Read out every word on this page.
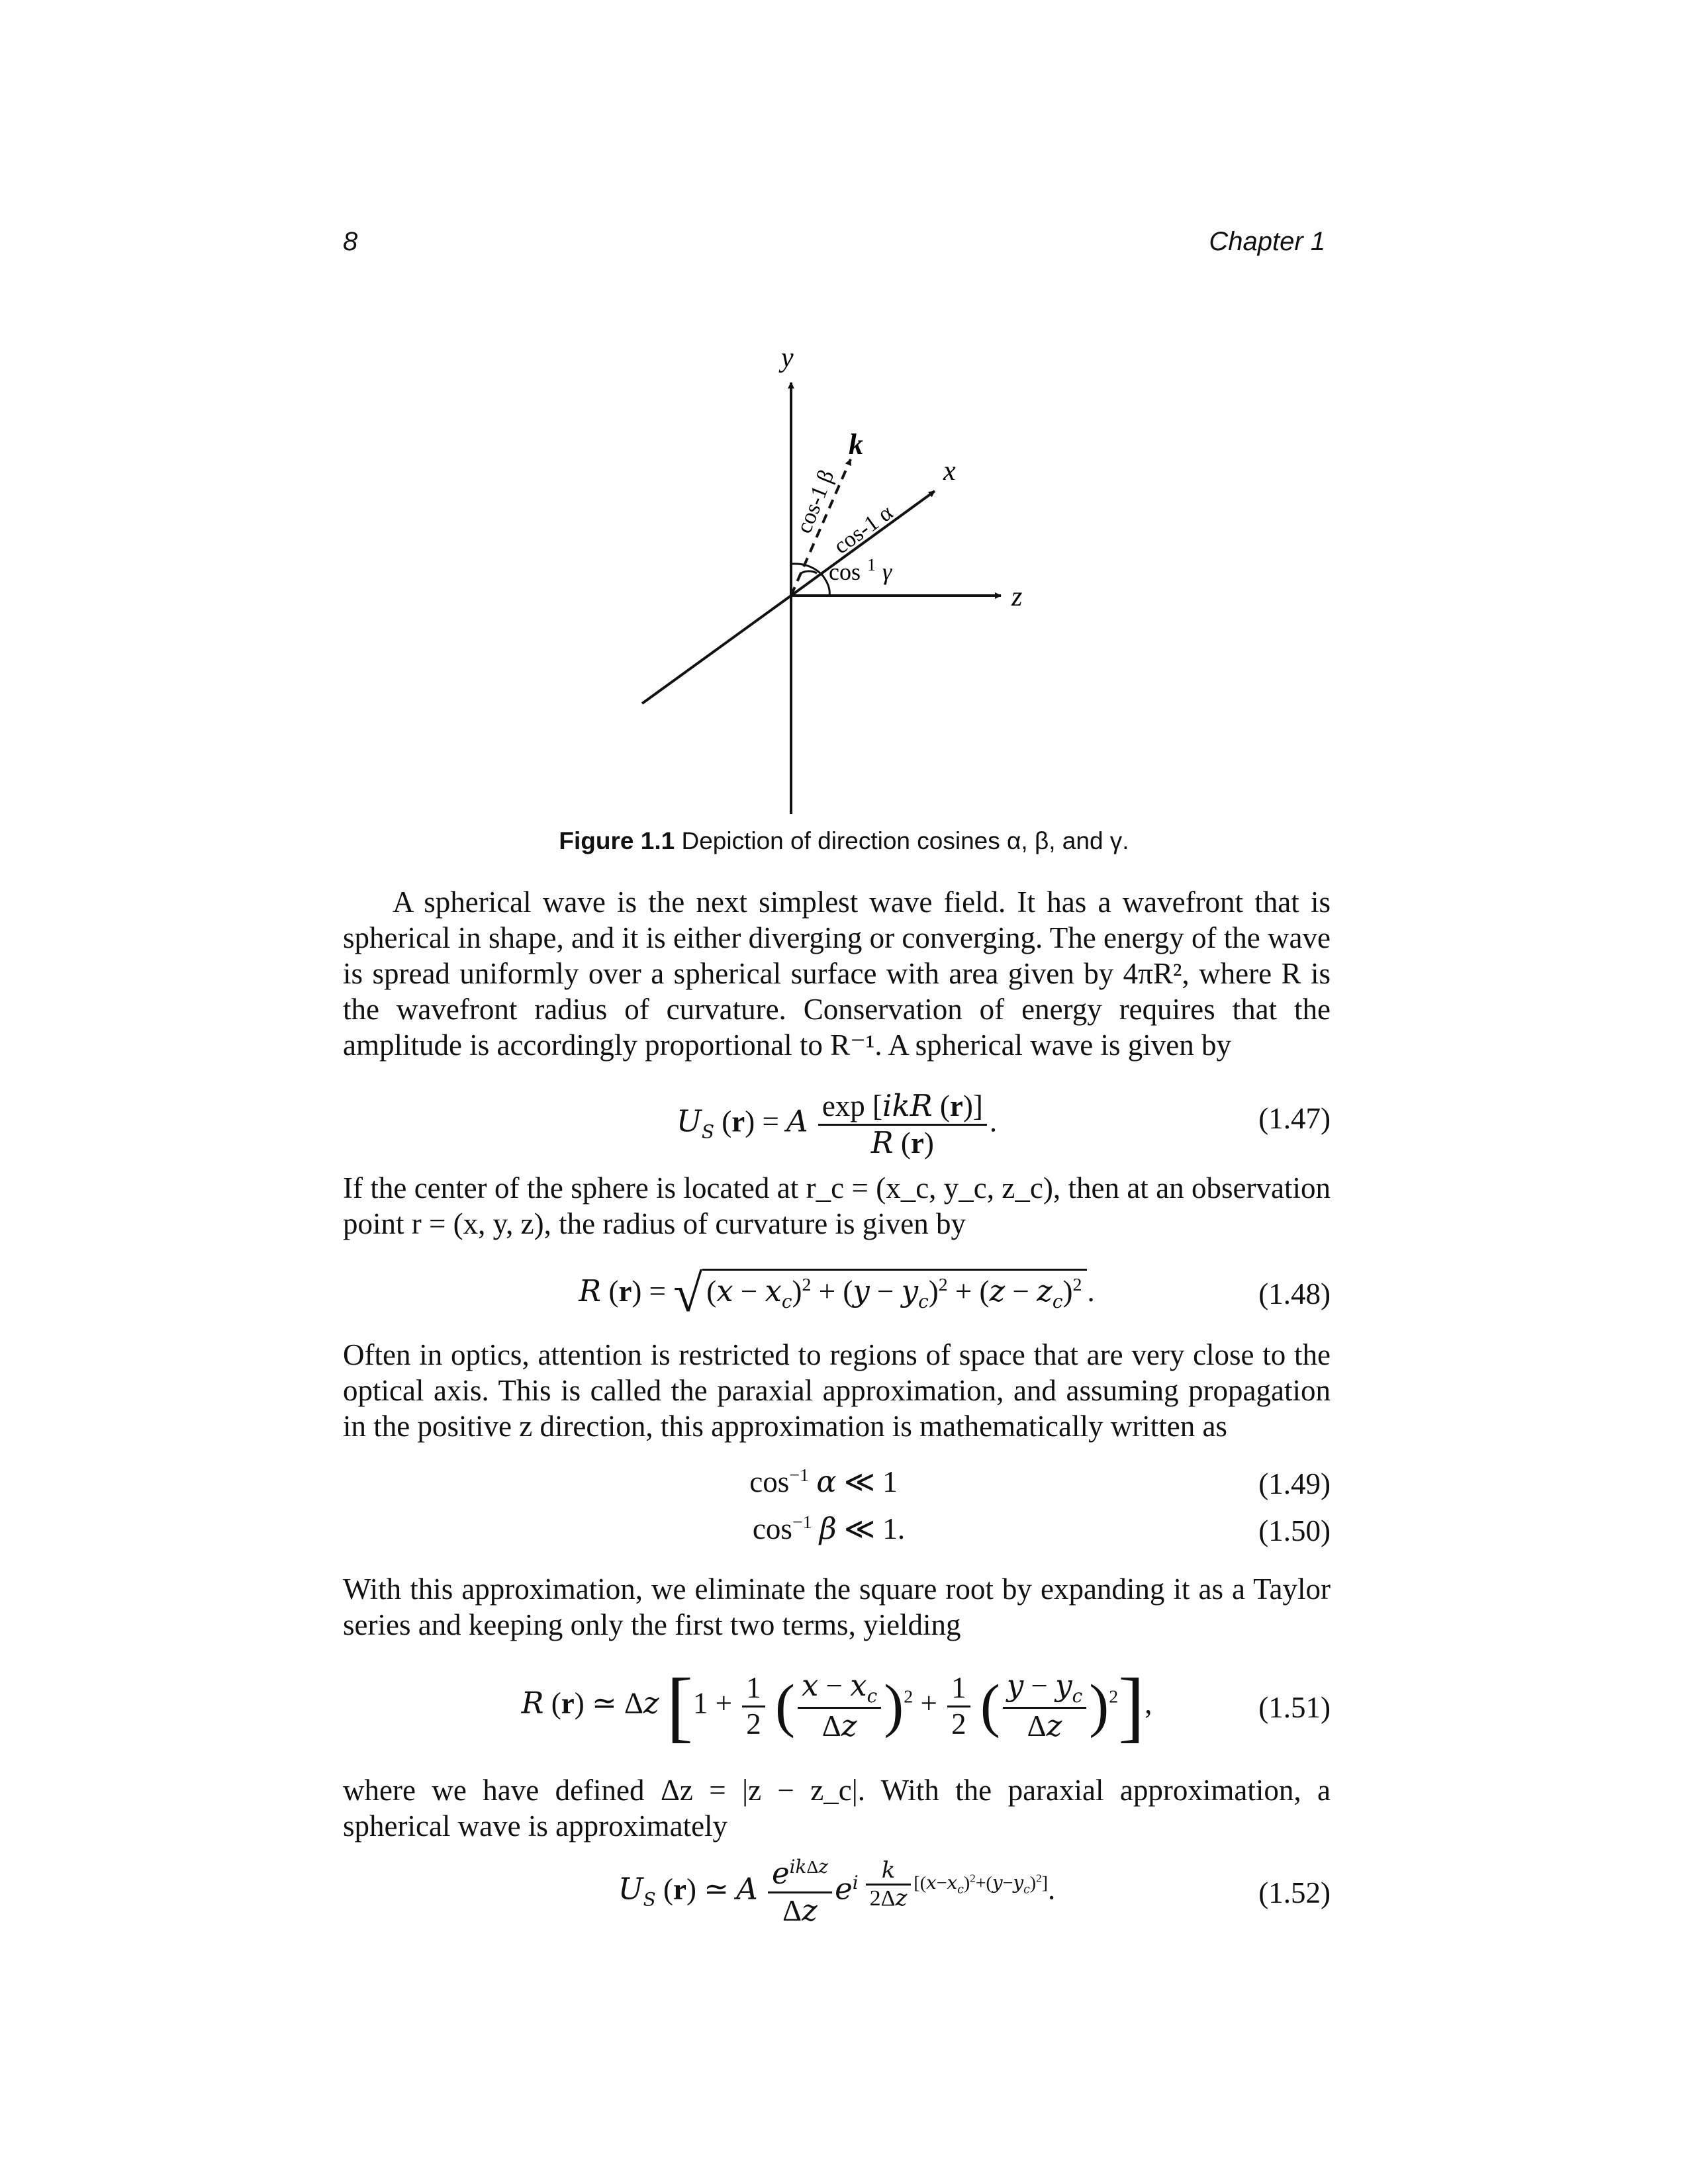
8	Chapter 1
y
x
z
k
cos-1 β
cos-1 α
cos $^1$ γ
Figure 1.1 Depiction of direction cosines α, β, and γ.

A spherical wave is the next simplest wave field. It has a wavefront that is spherical in shape, and it is either diverging or converging. The energy of the wave is spread uniformly over a spherical surface with area given by 4πR², where R is the wavefront radius of curvature. Conservation of energy requires that the amplitude is accordingly proportional to R⁻¹. A spherical wave is given by

$U_S$ (r) = A $\frac{\text{exp [ikR (r)]}}{R (r)}$ .	(1.47)

If the center of the sphere is located at r_c = (x_c, y_c, z_c), then at an observation point r = (x, y, z), the radius of curvature is given by

R (r) = √ $(x - x_c)^2 + (y - y_c)^2 + (z - z_c)^2$ .	(1.48)

Often in optics, attention is restricted to regions of space that are very close to the optical axis. This is called the paraxial approximation, and assuming propagation in the positive z direction, this approximation is mathematically written as

$\cos^{-1} \alpha$ ≪ 1	(1.49)
$\cos^{-1} \beta$ ≪ 1.	(1.50)

With this approximation, we eliminate the square root by expanding it as a Taylor series and keeping only the first two terms, yielding

R (r) ≃ Δz [$1 + \frac{1}{2}$ ( $\frac{x - x_c}{\Delta z} )^2 + \frac{1}{2}$ ( $\frac{y - y_c}{\Delta z} )^2$],	(1.51)

where we have defined Δz = |z − z_c|. With the paraxial approximation, a spherical wave is approximately

$U_S$ (r) ≃ A $\frac{e^{ik\Delta z}}{\Delta z} e^{i \frac{k}{2\Delta z} [(x-x_c)^2+(y-y_c)^2]}$.	(1.52)
